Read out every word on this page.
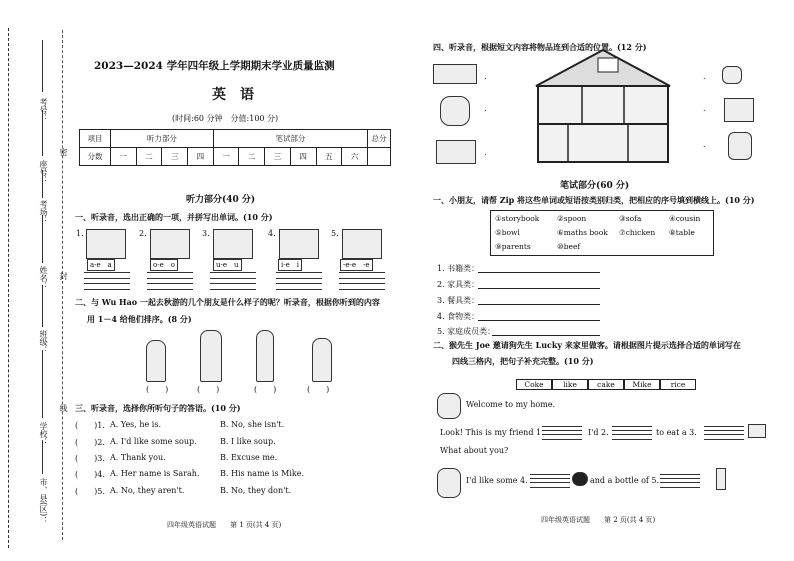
考号：
座号：
考场：
姓名：
班级：
学校：
市、县(区)：
密
封
线
2023—2024 学年四年级上学期期末学业质量监测
英　语
(时间:60 分钟　分值:100 分)
项目	听力部分				笔试部分						总分
分数	一	二	三	四	一	二	三	四	五	六	
听力部分(40 分)
一、听录音，选出正确的一项，并拼写出单词。(10 分)
1.
a-e　a
2.
o-e　o
3.
u-e　u
4.
i-e　i
5.
-e-e　-e
二、与 Wu Hao 一起去秋游的几个朋友是什么样子的呢？听录音，根据你听到的内容
用 1－4 给他们排序。(8 分)
(　　)	(　　)	(　　)	(　　)
三、听录音，选择你所听句子的答语。(10 分)
(　　)1. A. Yes, he is.	B. No, she isn't.
(　　)2. A. I'd like some soup.	B. I like soup.
(　　)3. A. Thank you.	B. Excuse me.
(　　)4. A. Her name is Sarah.	B. His name is Mike.
(　　)5. A. No, they aren't.	B. No, they don't.
四年级英语试题　　第 1 页(共 4 页)
四、听录音，根据短文内容将物品连到合适的位置。(12 分)
.
.
.
.
.
.
笔试部分(60 分)
一、小朋友，请帮 Zip 将这些单词或短语按类别归类，把相应的序号填到横线上。(10 分)
①storybook ②spoon	③sofa	④cousin
⑤bowl	⑥maths book ⑦chicken ⑧table
⑨parents	⑩beef
1. 书籍类：
2. 家具类：
3. 餐具类：
4. 食物类：
5. 家庭成员类：
二、猴先生 Joe 邀请狗先生 Lucky 来家里做客。请根据图片提示选择合适的单词写在
四线三格内，把句子补充完整。(10 分)
Coke	like	cake Mike	rice
Welcome to my home.
Look! This is my friend 1.	I'd 2.	to eat a 3.
What about you?
I'd like some 4.	and a bottle of 5.
四年级英语试题　　第 2 页(共 4 页)
